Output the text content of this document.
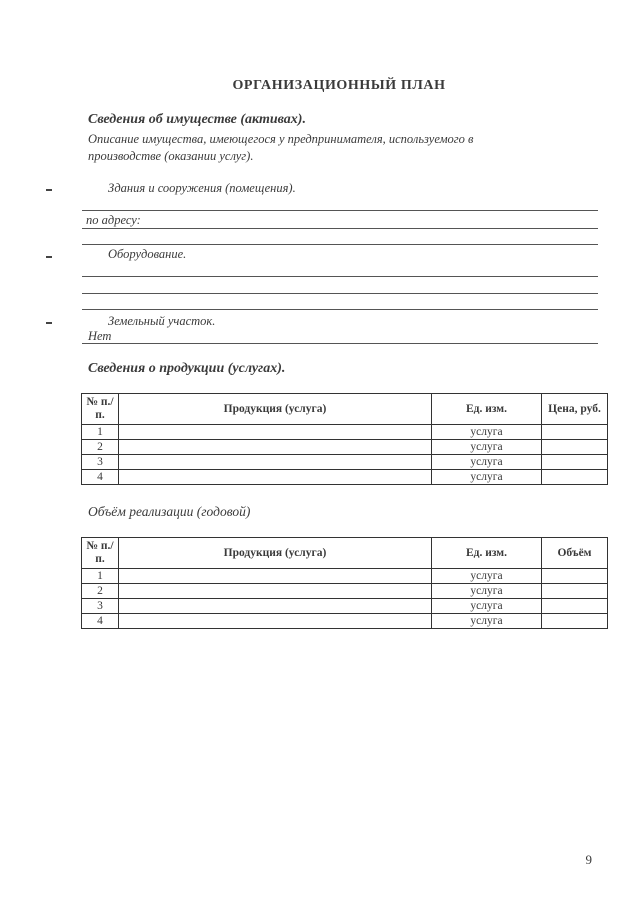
ОРГАНИЗАЦИОННЫЙ ПЛАН
Сведения об имуществе (активах).
Описание имущества, имеющегося у предпринимателя, используемого в производстве (оказании услуг).
Здания и сооружения (помещения).
по адресу:
Оборудование.
Земельный участок.
Нет
Сведения о продукции (услугах).
№ п./п.	Продукция (услуга)	Ед. изм.	Цена, руб.
1		услуга	
2		услуга	
3		услуга	
4		услуга	
Объём реализации (годовой)
№ п./п.	Продукция (услуга)	Ед. изм.	Объём
1		услуга	
2		услуга	
3		услуга	
4		услуга	
9
